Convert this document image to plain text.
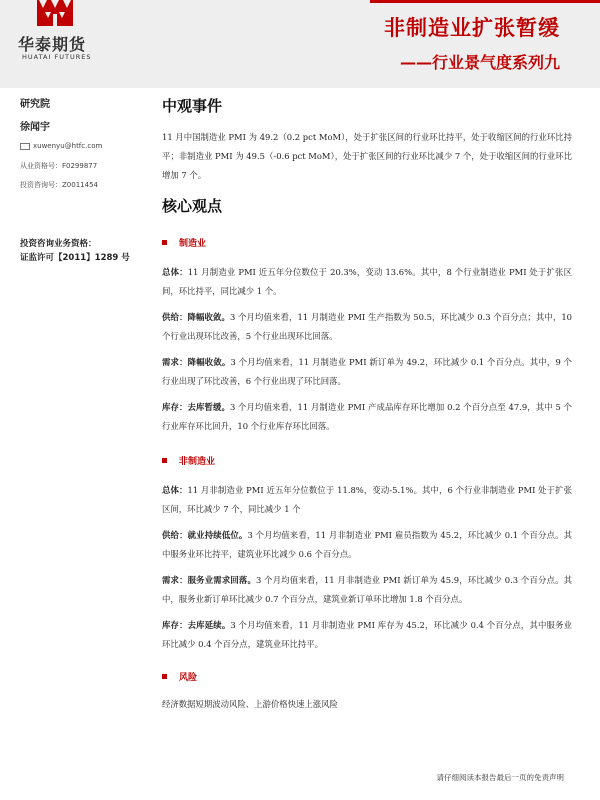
华泰期货
HUATAI FUTURES
非制造业扩张暂缓
——行业景气度系列九
研究院
徐闻宇
xuwenyu@htfc.com
从业资格号：F0299877
投资咨询号：Z0011454
投资咨询业务资格：
证监许可【2011】1289 号
中观事件

11 月中国制造业 PMI 为 49.2（0.2 pct MoM），处于扩张区间的行业环比持平，处于收缩区间的行业环比持平；非制造业 PMI 为 49.5（-0.6 pct MoM），处于扩张区间的行业环比减少 7 个，处于收缩区间的行业环比增加 7 个。

核心观点
制造业

总体：11 月制造业 PMI 近五年分位数位于 20.3%，变动 13.6%。其中，8 个行业制造业 PMI 处于扩张区间，环比持平，同比减少 1 个。

供给：降幅收敛。3 个月均值来看，11 月制造业 PMI 生产指数为 50.5，环比减少 0.3 个百分点；其中，10 个行业出现环比改善，5 个行业出现环比回落。

需求：降幅收敛。3 个月均值来看，11 月制造业 PMI 新订单为 49.2，环比减少 0.1 个百分点。其中，9 个行业出现了环比改善，6 个行业出现了环比回落。

库存：去库暂缓。3 个月均值来看，11 月制造业 PMI 产成品库存环比增加 0.2 个百分点至 47.9，其中 5 个行业库存环比回升，10 个行业库存环比回落。

非制造业

总体：11 月非制造业 PMI 近五年分位数位于 11.8%，变动-5.1%。其中，6 个行业非制造业 PMI 处于扩张区间，环比减少 7 个，同比减少 1 个

供给：就业持续低位。3 个月均值来看，11 月非制造业 PMI 雇员指数为 45.2，环比减少 0.1 个百分点。其中服务业环比持平，建筑业环比减少 0.6 个百分点。

需求：服务业需求回落。3 个月均值来看，11 月非制造业 PMI 新订单为 45.9，环比减少 0.3 个百分点。其中，服务业新订单环比减少 0.7 个百分点，建筑业新订单环比增加 1.8 个百分点。

库存：去库延续。3 个月均值来看，11 月非制造业 PMI 库存为 45.2，环比减少 0.4 个百分点，其中服务业环比减少 0.4 个百分点，建筑业环比持平。

风险

经济数据短期波动风险、上游价格快速上涨风险

请仔细阅读本报告最后一页的免责声明
